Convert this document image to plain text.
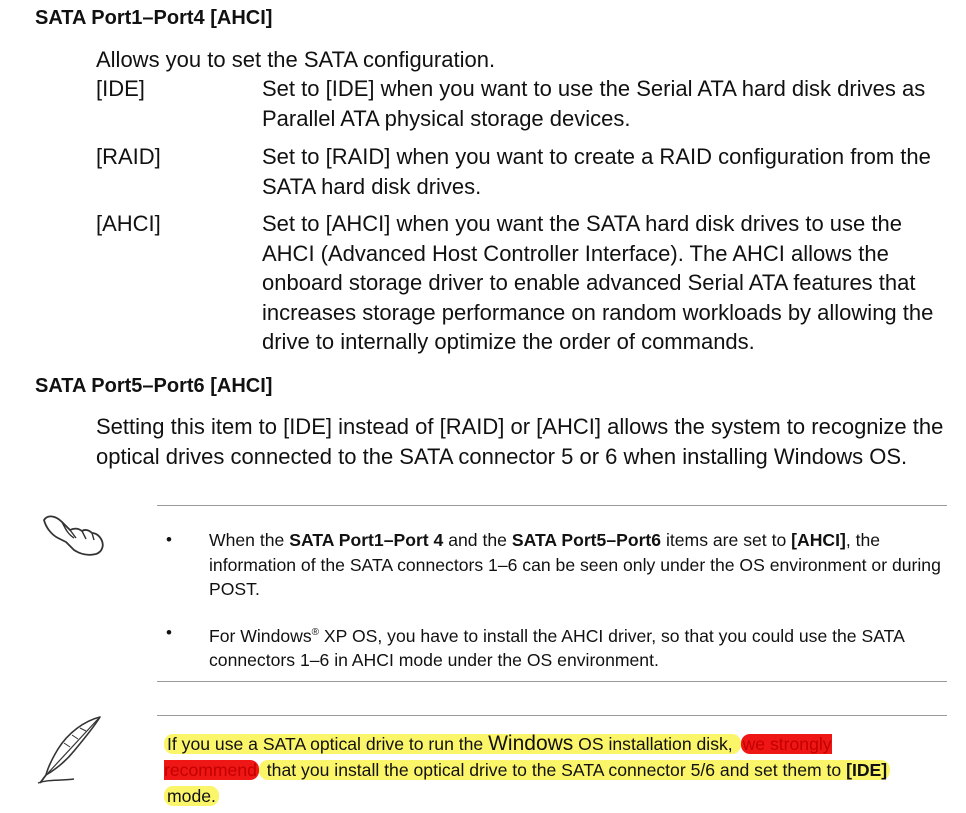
SATA Port1–Port4 [AHCI]
Allows you to set the SATA configuration.
[IDE]	Set to [IDE] when you want to use the Serial ATA hard disk drives as Parallel ATA physical storage devices.
[RAID]	Set to [RAID] when you want to create a RAID configuration from the SATA hard disk drives.
[AHCI]	Set to [AHCI] when you want the SATA hard disk drives to use the AHCI (Advanced Host Controller Interface). The AHCI allows the onboard storage driver to enable advanced Serial ATA features that increases storage performance on random workloads by allowing the drive to internally optimize the order of commands.
SATA Port5–Port6 [AHCI]
Setting this item to [IDE] instead of [RAID] or [AHCI] allows the system to recognize the optical drives connected to the SATA connector 5 or 6 when installing Windows OS.
• When the SATA Port1–Port 4 and the SATA Port5–Port6 items are set to [AHCI], the information of the SATA connectors 1–6 can be seen only under the OS environment or during POST.
• For Windows® XP OS, you have to install the AHCI driver, so that you could use the SATA connectors 1–6 in AHCI mode under the OS environment.
If you use a SATA optical drive to run the Windows OS installation disk, we strongly recommend that you install the optical drive to the SATA connector 5/6 and set them to [IDE] mode.
